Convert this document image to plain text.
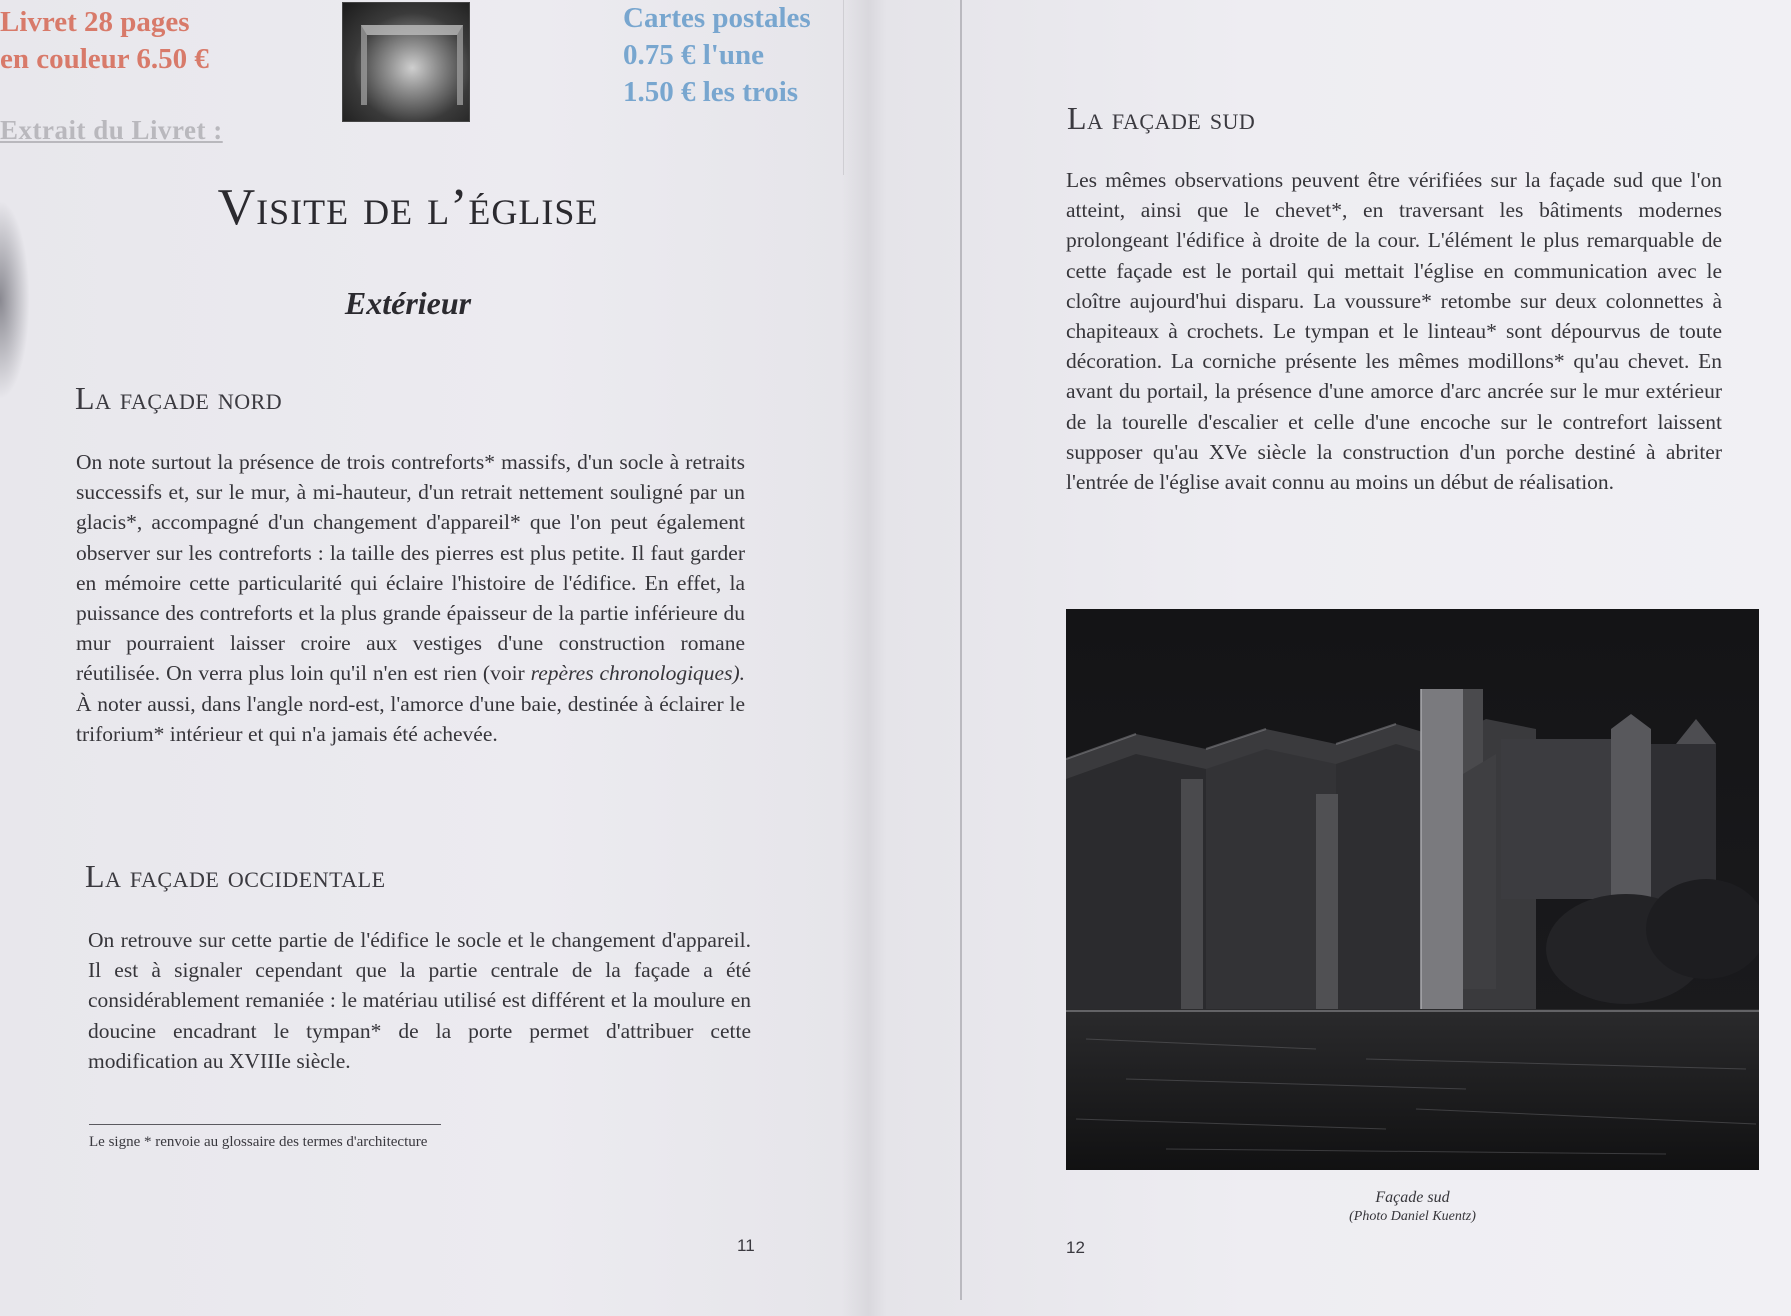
Livret 28 pages
en couleur 6.50 €
Cartes postales
0.75 € l'une
1.50 € les trois
Extrait du Livret :
Visite de l’église
Extérieur
La façade nord
On note surtout la présence de trois contreforts* massifs, d'un socle à retraits successifs et, sur le mur, à mi-hauteur, d'un retrait nettement souligné par un glacis*, accompagné d'un changement d'appareil* que l'on peut également observer sur les contreforts : la taille des pierres est plus petite. Il faut garder en mémoire cette particularité qui éclaire l'histoire de l'édifice. En effet, la puissance des contreforts et la plus grande épaisseur de la partie inférieure du mur pourraient laisser croire aux vestiges d'une construction romane réutilisée. On verra plus loin qu'il n'en est rien (voir repères chronologiques). À noter aussi, dans l'angle nord-est, l'amorce d'une baie, destinée à éclairer le triforium* intérieur et qui n'a jamais été achevée.
La façade occidentale
On retrouve sur cette partie de l'édifice le socle et le changement d'appareil. Il est à signaler cependant que la partie centrale de la façade a été considérablement remaniée : le matériau utilisé est différent et la moulure en doucine encadrant le tympan* de la porte permet d'attribuer cette modification au XVIIIe siècle.
Le signe * renvoie au glossaire des termes d'architecture
11
La façade sud
Les mêmes observations peuvent être vérifiées sur la façade sud que l'on atteint, ainsi que le chevet*, en traversant les bâtiments modernes prolongeant l'édifice à droite de la cour. L'élément le plus remarquable de cette façade est le portail qui mettait l'église en communication avec le cloître aujourd'hui disparu. La voussure* retombe sur deux colonnettes à chapiteaux à crochets. Le tympan et le linteau* sont dépourvus de toute décoration. La corniche présente les mêmes modillons* qu'au chevet. En avant du portail, la présence d'une amorce d'arc ancrée sur le mur extérieur de la tourelle d'escalier et celle d'une encoche sur le contrefort laissent supposer qu'au XVe siècle la construction d'un porche destiné à abriter l'entrée de l'église avait connu au moins un début de réalisation.
12
Façade sud
(Photo Daniel Kuentz)
